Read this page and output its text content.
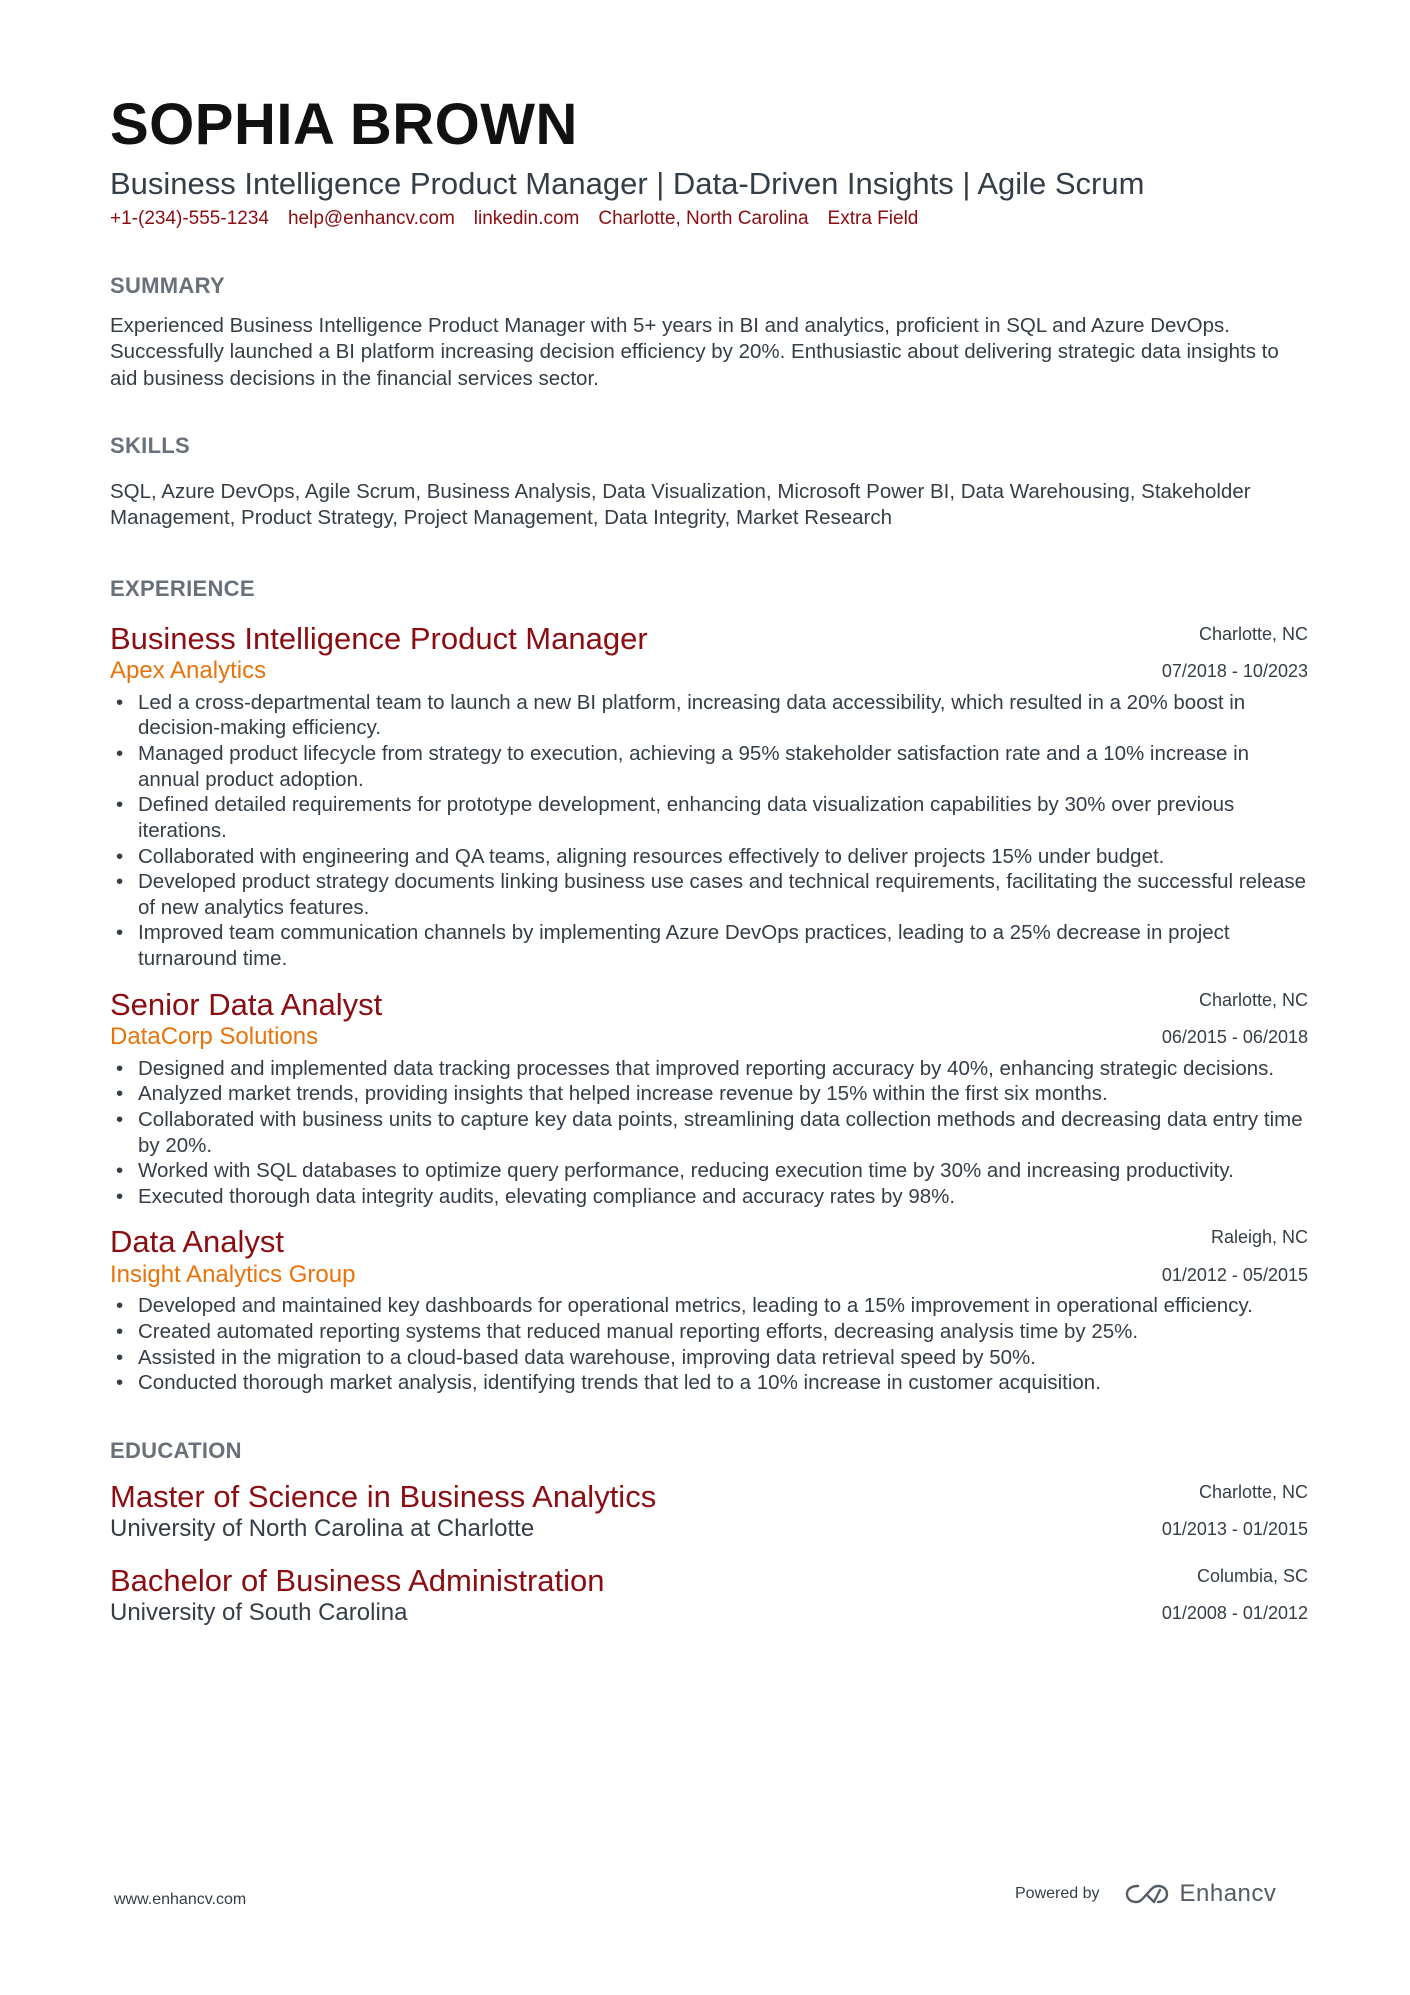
SOPHIA BROWN
Business Intelligence Product Manager | Data-Driven Insights | Agile Scrum
+1-(234)-555-1234 help@enhancv.com linkedin.com Charlotte, North Carolina Extra Field
SUMMARY

Experienced Business Intelligence Product Manager with 5+ years in BI and analytics, proficient in SQL and Azure DevOps. Successfully launched a BI platform increasing decision efficiency by 20%. Enthusiastic about delivering strategic data insights to aid business decisions in the financial services sector.

SKILLS

SQL, Azure DevOps, Agile Scrum, Business Analysis, Data Visualization, Microsoft Power BI, Data Warehousing, Stakeholder Management, Product Strategy, Project Management, Data Integrity, Market Research

EXPERIENCE
Business Intelligence Product Manager	Charlotte, NC
Apex Analytics	07/2018 - 10/2023
• Led a cross-departmental team to launch a new BI platform, increasing data accessibility, which resulted in a 20% boost in decision-making efficiency.
• Managed product lifecycle from strategy to execution, achieving a 95% stakeholder satisfaction rate and a 10% increase in annual product adoption.
• Defined detailed requirements for prototype development, enhancing data visualization capabilities by 30% over previous iterations.
• Collaborated with engineering and QA teams, aligning resources effectively to deliver projects 15% under budget.
• Developed product strategy documents linking business use cases and technical requirements, facilitating the successful release of new analytics features.
• Improved team communication channels by implementing Azure DevOps practices, leading to a 25% decrease in project turnaround time.
Senior Data Analyst	Charlotte, NC
DataCorp Solutions	06/2015 - 06/2018
• Designed and implemented data tracking processes that improved reporting accuracy by 40%, enhancing strategic decisions.
• Analyzed market trends, providing insights that helped increase revenue by 15% within the first six months.
• Collaborated with business units to capture key data points, streamlining data collection methods and decreasing data entry time by 20%.
• Worked with SQL databases to optimize query performance, reducing execution time by 30% and increasing productivity.
• Executed thorough data integrity audits, elevating compliance and accuracy rates by 98%.
Data Analyst	Raleigh, NC
Insight Analytics Group	01/2012 - 05/2015
• Developed and maintained key dashboards for operational metrics, leading to a 15% improvement in operational efficiency.
• Created automated reporting systems that reduced manual reporting efforts, decreasing analysis time by 25%.
• Assisted in the migration to a cloud-based data warehouse, improving data retrieval speed by 50%.
• Conducted thorough market analysis, identifying trends that led to a 10% increase in customer acquisition.
EDUCATION
Master of Science in Business Analytics	Charlotte, NC
University of North Carolina at Charlotte	01/2013 - 01/2015
Bachelor of Business Administration	Columbia, SC
University of South Carolina	01/2008 - 01/2012
www.enhancv.com	Powered by	Enhancv
